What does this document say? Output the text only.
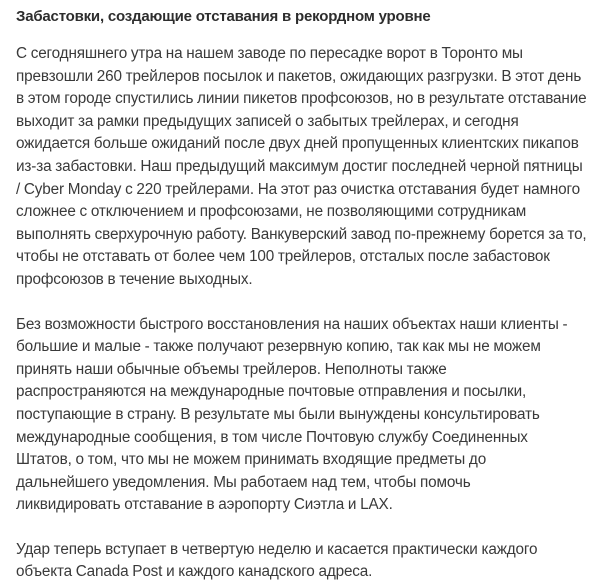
Забастовки, создающие отставания в рекордном уровне

С сегодняшнего утра на нашем заводе по пересадке ворот в Торонто мы превзошли 260 трейлеров посылок и пакетов, ожидающих разгрузки. В этот день в этом городе спустились линии пикетов профсоюзов, но в результате отставание выходит за рамки предыдущих записей о забытых трейлерах, и сегодня ожидается больше ожиданий после двух дней пропущенных клиентских пикапов из-за забастовки. Наш предыдущий максимум достиг последней черной пятницы / Cyber Monday с 220 трейлерами. На этот раз очистка отставания будет намного сложнее с отключением и профсоюзами, не позволяющими сотрудникам выполнять сверхурочную работу. Ванкуверский завод по-прежнему борется за то, чтобы не отставать от более чем 100 трейлеров, отсталых после забастовок профсоюзов в течение выходных.

Без возможности быстрого восстановления на наших объектах наши клиенты - большие и малые - также получают резервную копию, так как мы не можем принять наши обычные объемы трейлеров. Неполноты также распространяются на международные почтовые отправления и посылки, поступающие в страну. В результате мы были вынуждены консультировать международные сообщения, в том числе Почтовую службу Соединенных Штатов, о том, что мы не можем принимать входящие предметы до дальнейшего уведомления. Мы работаем над тем, чтобы помочь ликвидировать отставание в аэропорту Сиэтла и LAX.

Удар теперь вступает в четвертую неделю и касается практически каждого объекта Canada Post и каждого канадского адреса.
